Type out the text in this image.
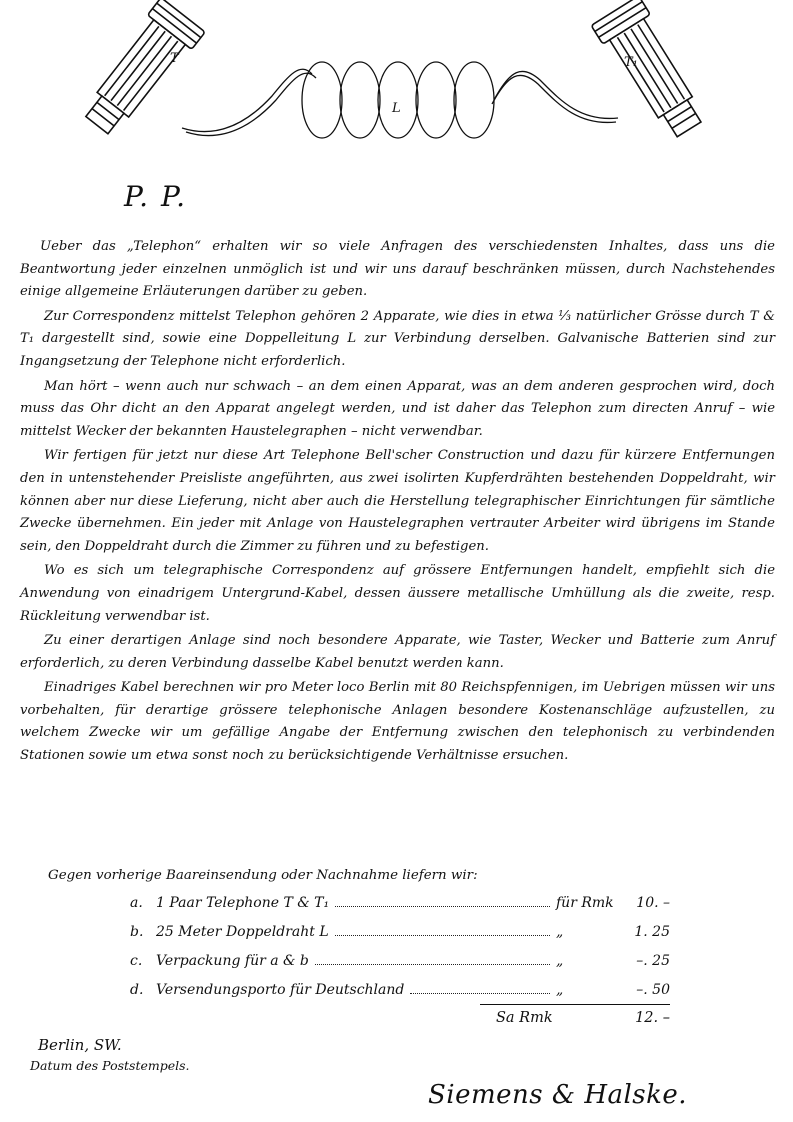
T	T₁
L
P. P.

Ueber das „Telephon“ erhalten wir so viele Anfragen des verschiedensten Inhaltes, dass uns die Beantwortung jeder einzelnen unmöglich ist und wir uns darauf beschränken müssen, durch Nachstehendes einige allgemeine Erläuterungen darüber zu geben.

Zur Correspondenz mittelst Telephon gehören 2 Apparate, wie dies in etwa ⅓ natürlicher Grösse durch T & T₁ dargestellt sind, sowie eine Doppelleitung L zur Verbindung derselben. Galvanische Batterien sind zur Ingangsetzung der Telephone nicht erforderlich.

Man hört – wenn auch nur schwach – an dem einen Apparat, was an dem anderen gesprochen wird, doch muss das Ohr dicht an den Apparat angelegt werden, und ist daher das Telephon zum directen Anruf – wie mittelst Wecker der bekannten Haustelegraphen – nicht verwendbar.

Wir fertigen für jetzt nur diese Art Telephone Bell'scher Construction und dazu für kürzere Entfernungen den in untenstehender Preisliste angeführten, aus zwei isolirten Kupferdrähten bestehenden Doppeldraht, wir können aber nur diese Lieferung, nicht aber auch die Herstellung telegraphischer Einrichtungen für sämtliche Zwecke übernehmen. Ein jeder mit Anlage von Haustelegraphen vertrauter Arbeiter wird übrigens im Stande sein, den Doppeldraht durch die Zimmer zu führen und zu befestigen.

Wo es sich um telegraphische Correspondenz auf grössere Entfernungen handelt, empfiehlt sich die Anwendung von einadrigem Untergrund-Kabel, dessen äussere metallische Umhüllung als die zweite, resp. Rückleitung verwendbar ist.

Zu einer derartigen Anlage sind noch besondere Apparate, wie Taster, Wecker und Batterie zum Anruf erforderlich, zu deren Verbindung dasselbe Kabel benutzt werden kann.

Einadriges Kabel berechnen wir pro Meter loco Berlin mit 80 Reichspfennigen, im Uebrigen müssen wir uns vorbehalten, für derartige grössere telephonische Anlagen besondere Kostenanschläge aufzustellen, zu welchem Zwecke wir um gefällige Angabe der Entfernung zwischen den telephonisch zu verbindenden Stationen sowie um etwa sonst noch zu berücksichtigende Verhältnisse ersuchen.

Gegen vorherige Baareinsendung oder Nachnahme liefern wir:
a. 1 Paar Telephone T & T₁	für Rmk	10. –
b. 25 Meter Doppeldraht L	„	1. 25
c. Verpackung für a & b	„	–. 25
d. Versendungsporto für Deutschland	„	–. 50
Sa Rmk	12. –
Berlin, SW.
Datum des Poststempels.
Siemens & Halske.
